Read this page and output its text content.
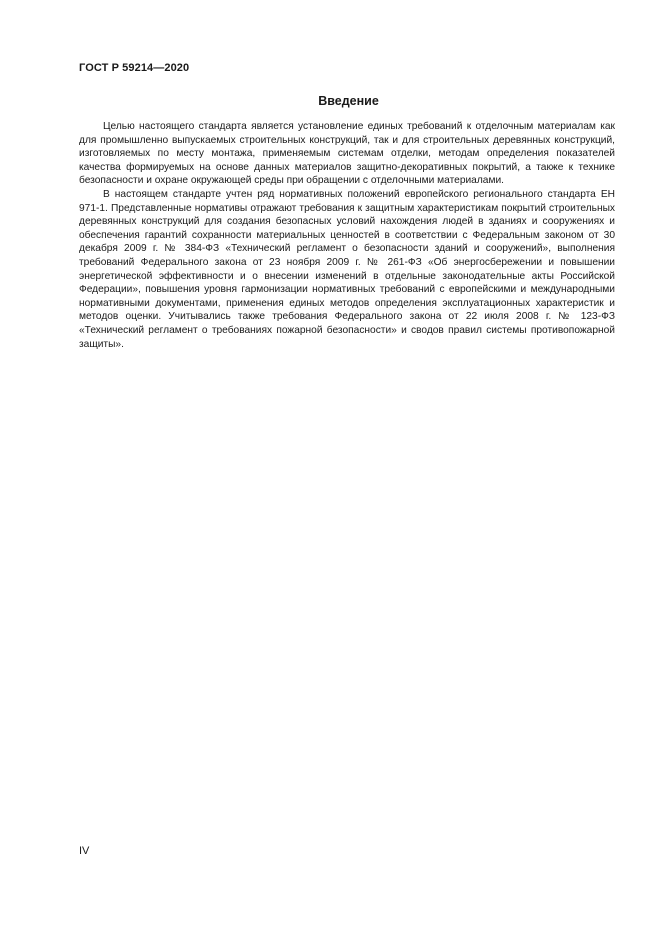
ГОСТ Р 59214—2020
Введение

Целью настоящего стандарта является установление единых требований к отделочным материалам как для промышленно выпускаемых строительных конструкций, так и для строительных деревянных конструкций, изготовляемых по месту монтажа, применяемым системам отделки, методам определения показателей качества формируемых на основе данных материалов защитно-декоративных покрытий, а также к технике безопасности и охране окружающей среды при обращении с отделочными материалами.

В настоящем стандарте учтен ряд нормативных положений европейского регионального стандарта ЕН 971-1. Представленные нормативы отражают требования к защитным характеристикам покрытий строительных деревянных конструкций для создания безопасных условий нахождения людей в зданиях и сооружениях и обеспечения гарантий сохранности материальных ценностей в соответствии с Федеральным законом от 30 декабря 2009 г. № 384-ФЗ «Технический регламент о безопасности зданий и сооружений», выполнения требований Федерального закона от 23 ноября 2009 г. № 261-ФЗ «Об энергосбережении и повышении энергетической эффективности и о внесении изменений в отдельные законодательные акты Российской Федерации», повышения уровня гармонизации нормативных требований с европейскими и международными нормативными документами, применения единых методов определения эксплуатационных характеристик и методов оценки. Учитывались также требования Федерального закона от 22 июля 2008 г. № 123-ФЗ «Технический регламент о требованиях пожарной безопасности» и сводов правил системы противопожарной защиты».

IV
